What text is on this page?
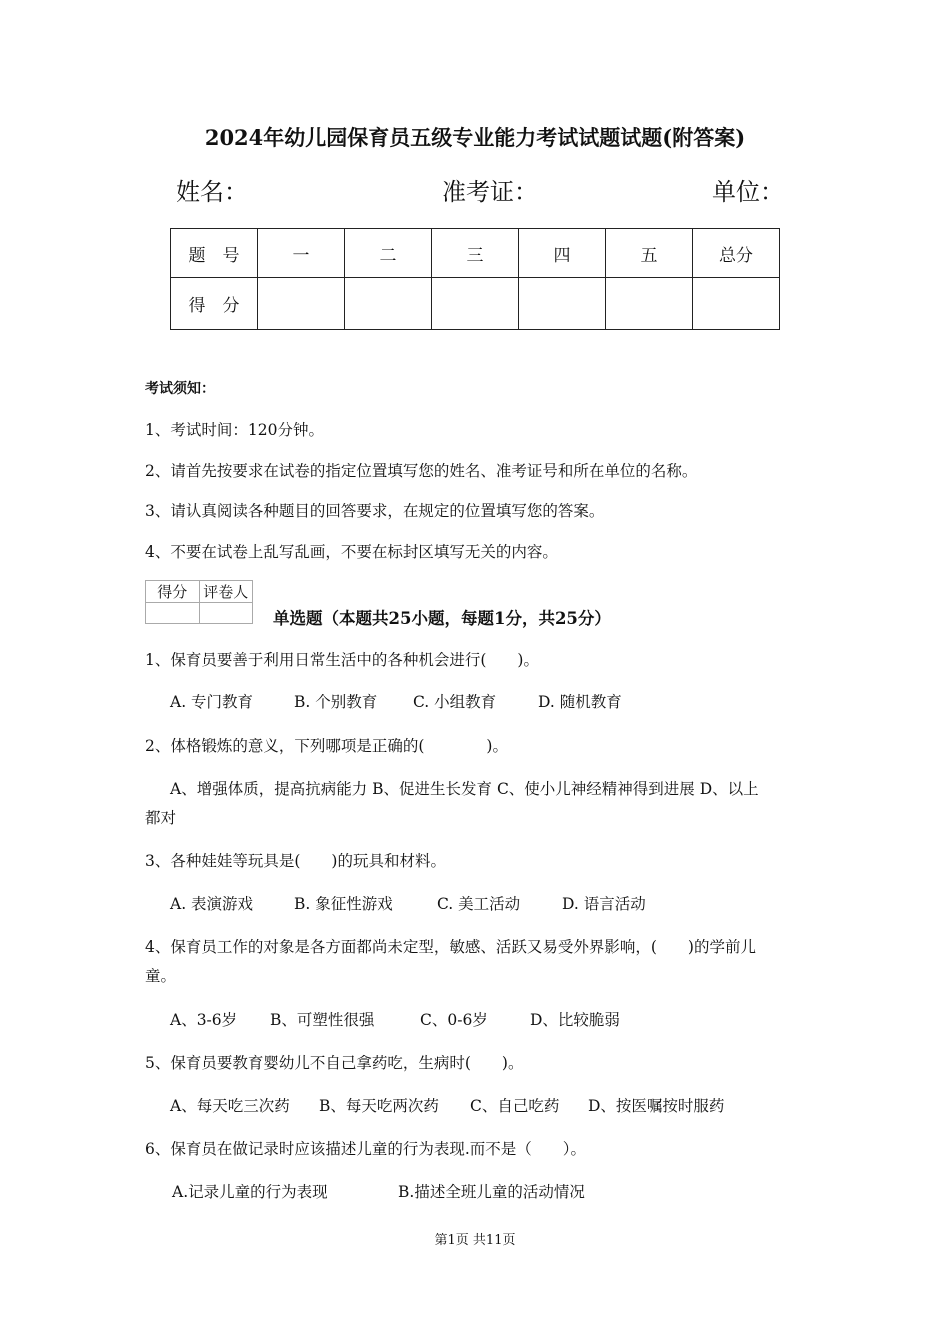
2024年幼儿园保育员五级专业能力考试试题试题(附答案)
姓名：	准考证：	单位：
题　号	一	二	三	四	五	总分
得　分						
考试须知：
1、考试时间：120分钟。
2、请首先按要求在试卷的指定位置填写您的姓名、准考证号和所在单位的名称。
3、请认真阅读各种题目的回答要求，在规定的位置填写您的答案。
4、不要在试卷上乱写乱画，不要在标封区填写无关的内容。
得分	评卷人

单选题（本题共25小题，每题1分，共25分）
1、保育员要善于利用日常生活中的各种机会进行(　　)。
A. 专门教育	B. 个别教育 C. 小组教育	D. 随机教育
2、体格锻炼的意义，下列哪项是正确的(　　　　)。
A、增强体质，提高抗病能力 B、促进生长发育 C、使小儿神经精神得到进展 D、以上
都对
3、各种娃娃等玩具是(　　)的玩具和材料。
A. 表演游戏	B. 象征性游戏	C. 美工活动	D. 语言活动
4、保育员工作的对象是各方面都尚未定型，敏感、活跃又易受外界影响，(　　)的学前儿
童。
A、3-6岁 B、可塑性很强	C、0-6岁	D、比较脆弱
5、保育员要教育婴幼儿不自己拿药吃，生病时(　　)。
A、每天吃三次药 B、每天吃两次药 C、自己吃药 D、按医嘱按时服药
6、保育员在做记录时应该描述儿童的行为表现.而不是（　　）。
A.记录儿童的行为表现	B.描述全班儿童的活动情况
第1页 共11页
